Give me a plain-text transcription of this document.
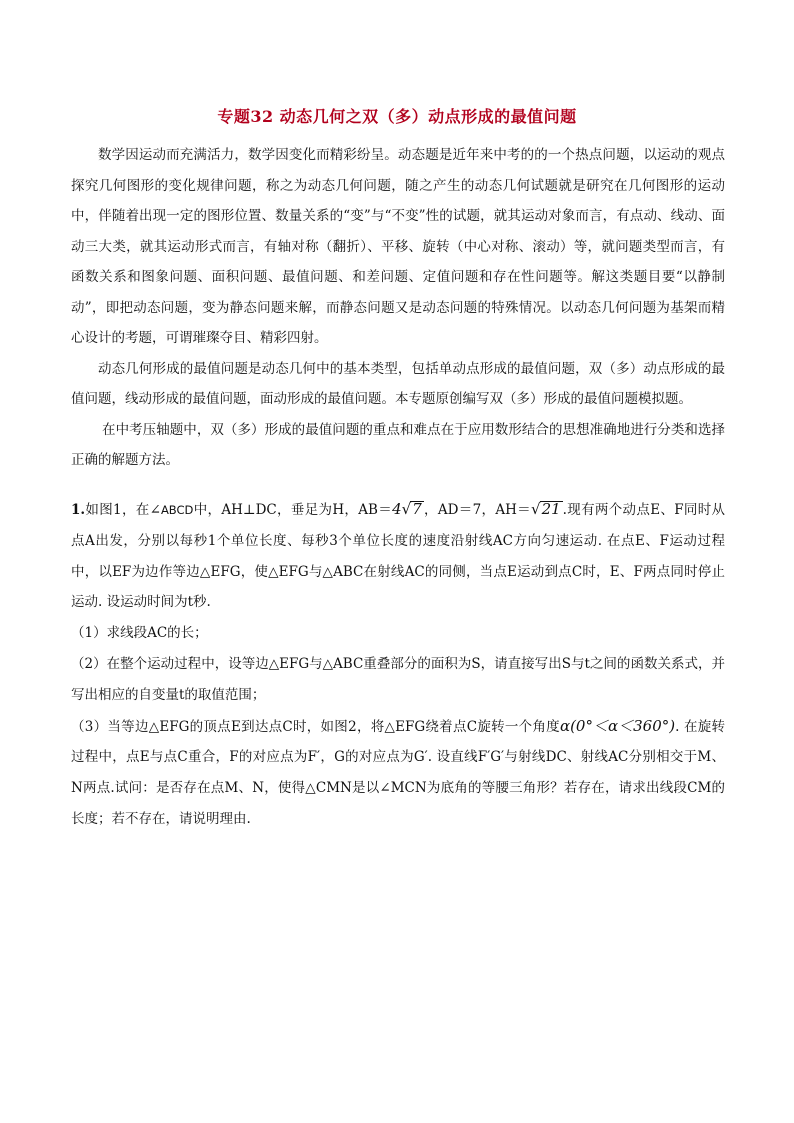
专题32 动态几何之双（多）动点形成的最值问题

数学因运动而充满活力，数学因变化而精彩纷呈。动态题是近年来中考的的一个热点问题，以运动的观点探究几何图形的变化规律问题，称之为动态几何问题，随之产生的动态几何试题就是研究在几何图形的运动中，伴随着出现一定的图形位置、数量关系的“变”与“不变”性的试题，就其运动对象而言，有点动、线动、面动三大类，就其运动形式而言，有轴对称（翻折）、平移、旋转（中心对称、滚动）等，就问题类型而言，有函数关系和图象问题、面积问题、最值问题、和差问题、定值问题和存在性问题等。解这类题目要“以静制动”，即把动态问题，变为静态问题来解，而静态问题又是动态问题的特殊情况。以动态几何问题为基架而精心设计的考题，可谓璀璨夺目、精彩四射。

动态几何形成的最值问题是动态几何中的基本类型，包括单动点形成的最值问题，双（多）动点形成的最值问题，线动形成的最值问题，面动形成的最值问题。本专题原创编写双（多）形成的最值问题模拟题。

在中考压轴题中，双（多）形成的最值问题的重点和难点在于应用数形结合的思想准确地进行分类和选择正确的解题方法。

1.如图1，在∠ABCD中，AH⊥DC，垂足为H，AB＝4√7 ，AD＝7，AH＝√21 .现有两个动点E、F同时从点A出发，分别以每秒1个单位长度、每秒3个单位长度的速度沿射线AC方向匀速运动. 在点E、F运动过程中，以EF为边作等边△EFG，使△EFG与△ABC在射线AC的同侧，当点E运动到点C时，E、F两点同时停止运动. 设运动时间为t秒.

（1）求线段AC的长；

（2）在整个运动过程中，设等边△EFG与△ABC重叠部分的面积为S，请直接写出S与t之间的函数关系式，并写出相应的自变量t的取值范围；

（3）当等边△EFG的顶点E到达点C时，如图2，将△EFG绕着点C旋转一个角度α(0°＜α＜360°). 在旋转过程中，点E与点C重合，F的对应点为F′，G的对应点为G′. 设直线F′G′与射线DC、射线AC分别相交于M、N两点.试问：是否存在点M、N，使得△CMN是以∠MCN为底角的等腰三角形？若存在，请求出线段CM的长度；若不存在，请说明理由.
